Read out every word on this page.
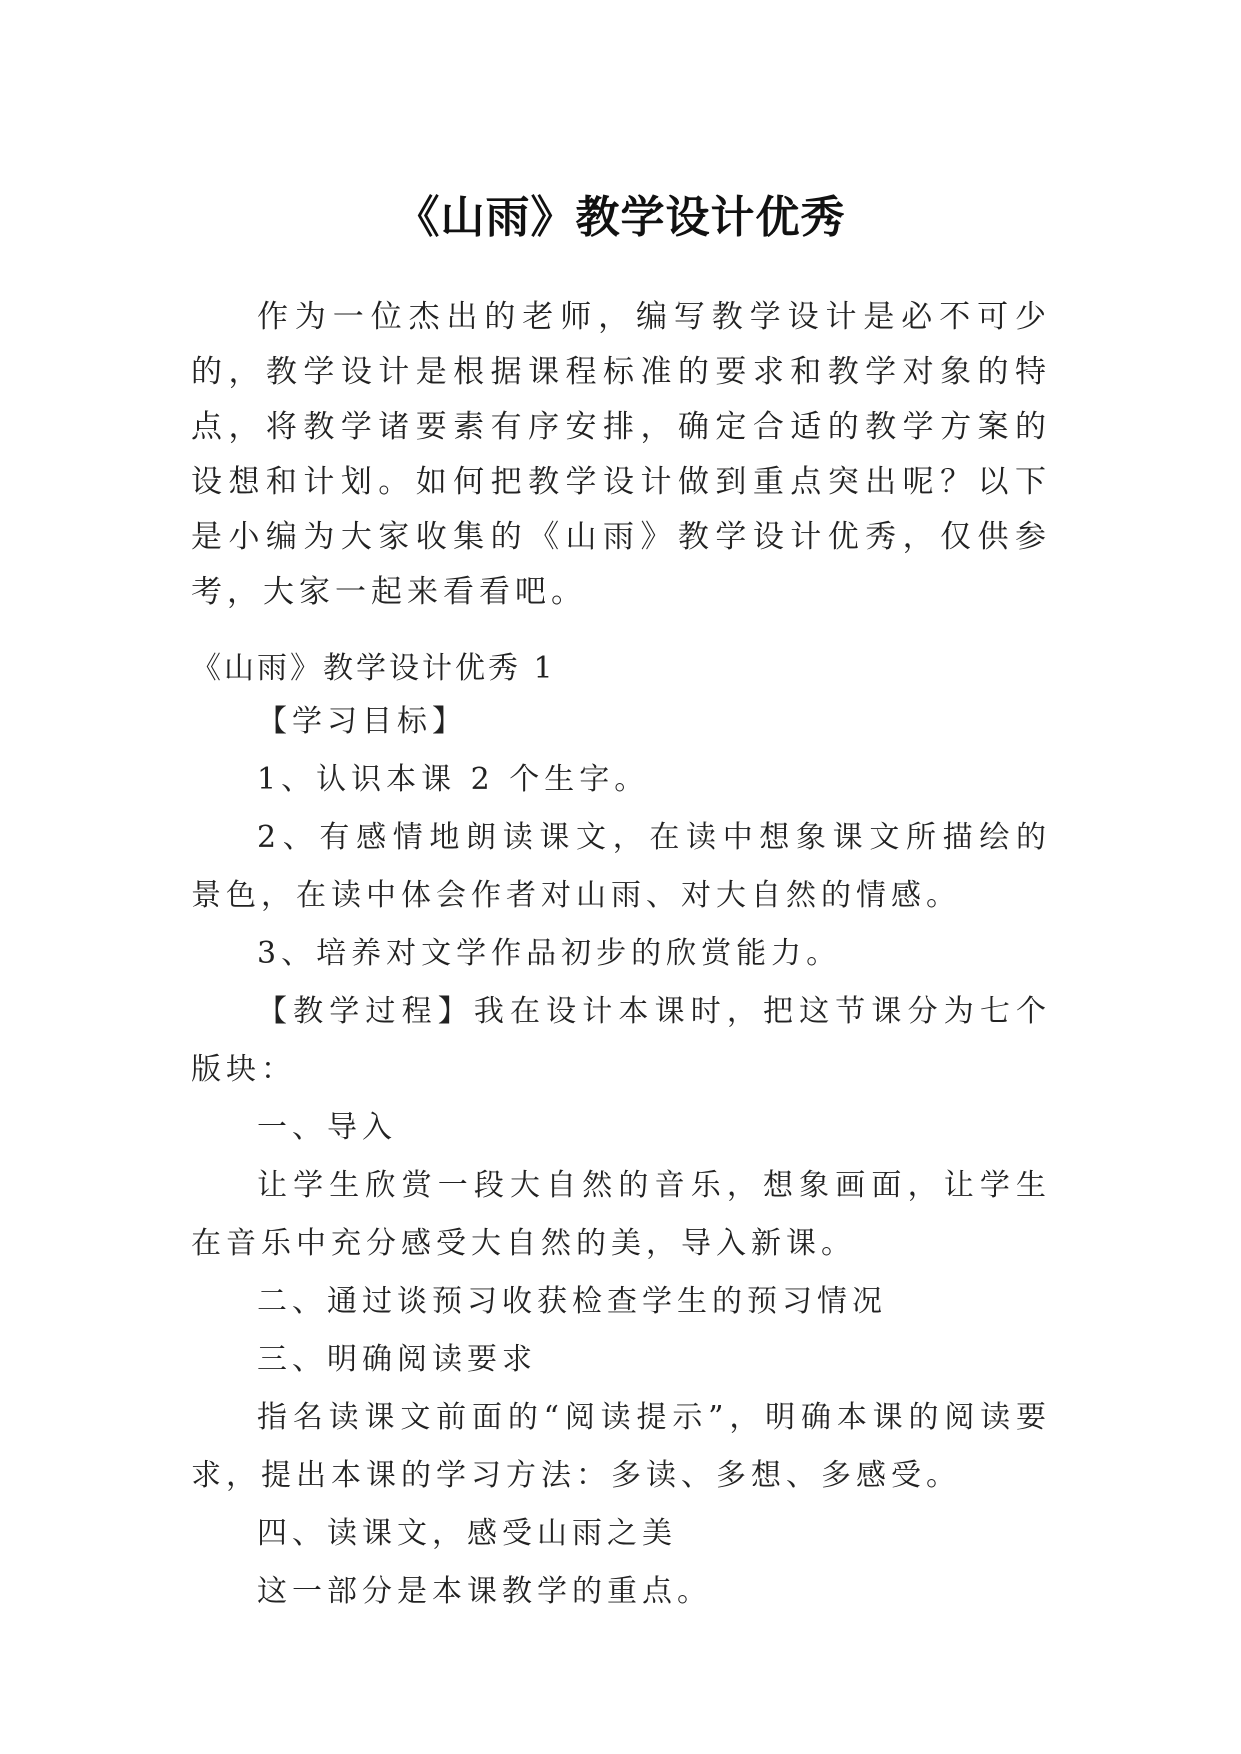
《山雨》教学设计优秀

作为一位杰出的老师，编写教学设计是必不可少的，教学设计是根据课程标准的要求和教学对象的特点，将教学诸要素有序安排，确定合适的教学方案的设想和计划。如何把教学设计做到重点突出呢？以下是小编为大家收集的《山雨》教学设计优秀，仅供参考，大家一起来看看吧。

《山雨》教学设计优秀 1

【学习目标】

1、认识本课 2 个生字。

2、有感情地朗读课文，在读中想象课文所描绘的景色，在读中体会作者对山雨、对大自然的情感。

3、培养对文学作品初步的欣赏能力。

【教学过程】我在设计本课时，把这节课分为七个版块：

一、导入

让学生欣赏一段大自然的音乐，想象画面，让学生在音乐中充分感受大自然的美，导入新课。

二、通过谈预习收获检查学生的预习情况

三、明确阅读要求

指名读课文前面的“阅读提示”，明确本课的阅读要求，提出本课的学习方法：多读、多想、多感受。

四、读课文，感受山雨之美

这一部分是本课教学的重点。
